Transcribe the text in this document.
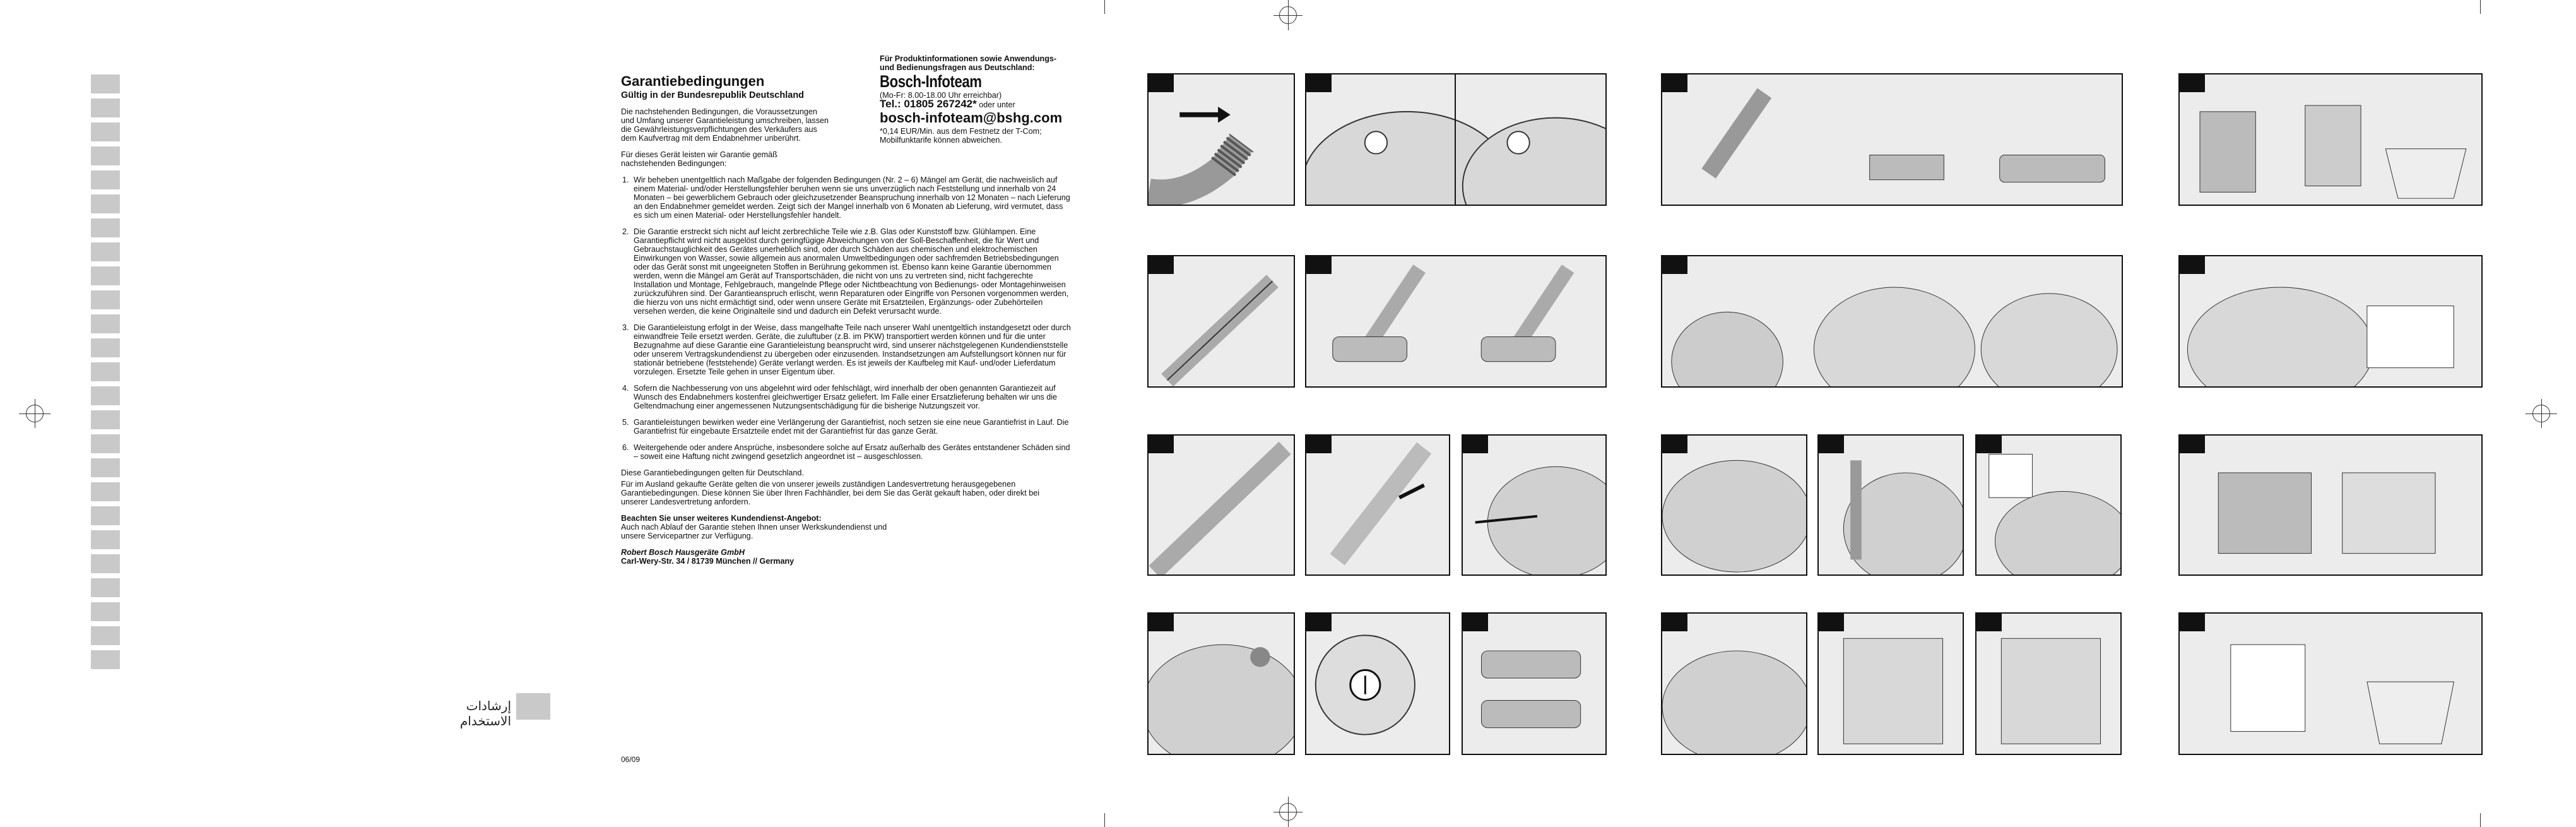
إرشادات الاستخدام
Garantiebedingungen
Gültig in der Bundesrepublik Deutschland

Die nachstehenden Bedingungen, die Voraussetzungen und Umfang unserer Garantieleistung umschreiben, lassen die Gewährleistungsverpflichtungen des Verkäufers aus dem Kaufvertrag mit dem Endabnehmer unberührt.

Für dieses Gerät leisten wir Garantie gemäß nachstehenden Bedingungen:

1. Wir beheben unentgeltlich nach Maßgabe der folgenden Bedingungen (Nr. 2 – 6) Mängel am Gerät, die nachweislich auf einem Material- und/oder Herstellungsfehler beruhen wenn sie uns unverzüglich nach Feststellung und innerhalb von 24 Monaten – bei gewerblichem Gebrauch oder gleichzusetzender Beanspruchung innerhalb von 12 Monaten – nach Lieferung an den Endabnehmer gemeldet werden. Zeigt sich der Mangel innerhalb von 6 Monaten ab Lieferung, wird vermutet, dass es sich um einen Material- oder Herstellungsfehler handelt.
2. Die Garantie erstreckt sich nicht auf leicht zerbrechliche Teile wie z.B. Glas oder Kunststoff bzw. Glühlampen. Eine Garantiepflicht wird nicht ausgelöst durch geringfügige Abweichungen von der Soll-Beschaffenheit, die für Wert und Gebrauchstauglichkeit des Gerätes unerheblich sind, oder durch Schäden aus chemischen und elektrochemischen Einwirkungen von Wasser, sowie allgemein aus anormalen Umweltbedingungen oder sachfremden Betriebsbedingungen oder das Gerät sonst mit ungeeigneten Stoffen in Berührung gekommen ist. Ebenso kann keine Garantie übernommen werden, wenn die Mängel am Gerät auf Transportschäden, die nicht von uns zu vertreten sind, nicht fachgerechte Installation und Montage, Fehlgebrauch, mangelnde Pflege oder Nichtbeachtung von Bedienungs- oder Montagehinweisen zurückzuführen sind. Der Garantieanspruch erlischt, wenn Reparaturen oder Eingriffe von Personen vorgenommen werden, die hierzu von uns nicht ermächtigt sind, oder wenn unsere Geräte mit Ersatzteilen, Ergänzungs- oder Zubehörteilen versehen werden, die keine Originalteile sind und dadurch ein Defekt verursacht wurde.
3. Die Garantieleistung erfolgt in der Weise, dass mangelhafte Teile nach unserer Wahl unentgeltlich instandgesetzt oder durch einwandfreie Teile ersetzt werden. Geräte, die zuluftuber (z.B. im PKW) transportiert werden können und für die unter Bezugnahme auf diese Garantie eine Garantieleistung beansprucht wird, sind unserer nächstgelegenen Kundendienststelle oder unserem Vertragskundendienst zu übergeben oder einzusenden. Instandsetzungen am Aufstellungsort können nur für stationär betriebene (feststehende) Geräte verlangt werden. Es ist jeweils der Kaufbeleg mit Kauf- und/oder Lieferdatum vorzulegen. Ersetzte Teile gehen in unser Eigentum über.
4. Sofern die Nachbesserung von uns abgelehnt wird oder fehlschlägt, wird innerhalb der oben genannten Garantiezeit auf Wunsch des Endabnehmers kostenfrei gleichwertiger Ersatz geliefert. Im Falle einer Ersatzlieferung behalten wir uns die Geltendmachung einer angemessenen Nutzungsentschädigung für die bisherige Nutzungszeit vor.
5. Garantieleistungen bewirken weder eine Verlängerung der Garantiefrist, noch setzen sie eine neue Garantiefrist in Lauf. Die Garantiefrist für eingebaute Ersatzteile endet mit der Garantiefrist für das ganze Gerät.
6. Weitergehende oder andere Ansprüche, insbesondere solche auf Ersatz außerhalb des Gerätes entstandener Schäden sind – soweit eine Haftung nicht zwingend gesetzlich angeordnet ist – ausgeschlossen.

Diese Garantiebedingungen gelten für Deutschland.

Für im Ausland gekaufte Geräte gelten die von unserer jeweils zuständigen Landesvertretung herausgegebenen Garantiebedingungen. Diese können Sie über Ihren Fachhändler, bei dem Sie das Gerät gekauft haben, oder direkt bei unserer Landesvertretung anfordern.

Beachten Sie unser weiteres Kundendienst-Angebot:

Auch nach Ablauf der Garantie stehen Ihnen unser Werkskundendienst und unsere Servicepartner zur Verfügung.

Robert Bosch Hausgeräte GmbH
Carl-Wery-Str. 34 / 81739 München // Germany
06/09
Für Produktinformationen sowie Anwendungs-
und Bedienungsfragen aus Deutschland:
Bosch-Infoteam
(Mo-Fr: 8.00-18.00 Uhr erreichbar)
Tel.: 01805 267242* oder unter
bosch-infoteam@bshg.com
*0,14 EUR/Min. aus dem Festnetz der T-Com;
Mobilfunktarife können abweichen.
